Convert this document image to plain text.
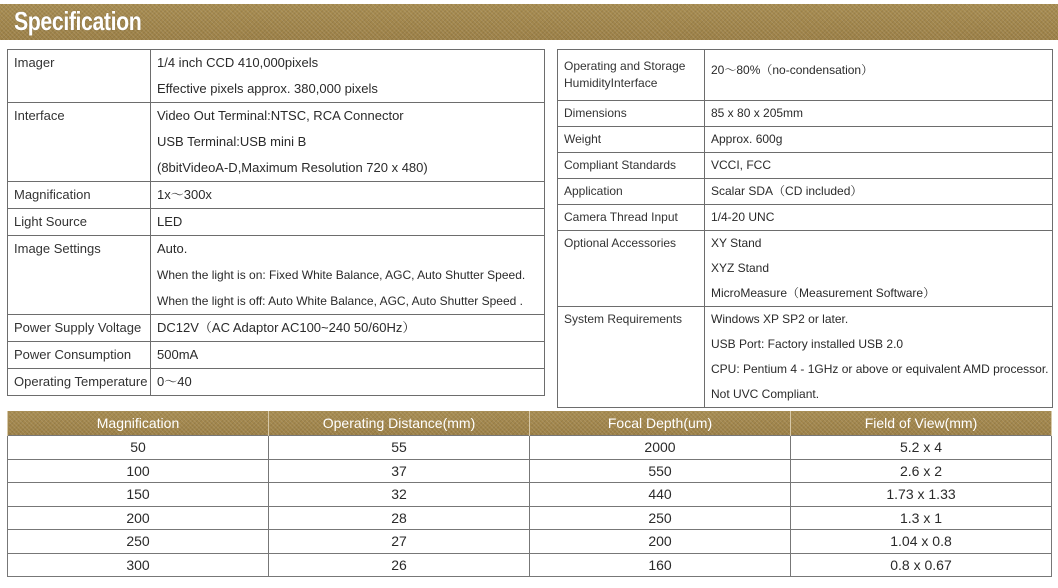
Specification
Imager	1/4 inch CCD 410,000pixels
Effective pixels approx. 380,000 pixels

Interface	Video Out Terminal:NTSC, RCA Connector
USB Terminal:USB mini B
(8bitVideoA-D,Maximum Resolution 720 x 480)

Magnification	1x～300x

Light Source	LED

Image Settings	Auto.
When the light is on: Fixed White Balance, AGC, Auto Shutter Speed.
When the light is off: Auto White Balance, AGC, Auto Shutter Speed .

Power Supply Voltage	DC12V（AC Adaptor AC100~240 50/60Hz）

Power Consumption	500mA

Operating Temperature	0～40
Operating and Storage HumidityInterface	20～80%（no-condensation）

Dimensions	85 x 80 x 205mm

Weight	Approx. 600g

Compliant Standards	VCCI, FCC

Application	Scalar SDA（CD included）

Camera Thread Input	1/4-20 UNC

Optional Accessories	XY Stand
XYZ Stand
MicroMeasure（Measurement Software）

System Requirements	Windows XP SP2 or later.
USB Port: Factory installed USB 2.0
CPU: Pentium 4 - 1GHz or above or equivalent AMD processor.
Not UVC Compliant.
Magnification	Operating Distance(mm)	Focal Depth(um)	Field of View(mm)
50	55	2000	5.2 x 4
100	37	550	2.6 x 2
150	32	440	1.73 x 1.33
200	28	250	1.3 x 1
250	27	200	1.04 x 0.8
300	26	160	0.8 x 0.67
